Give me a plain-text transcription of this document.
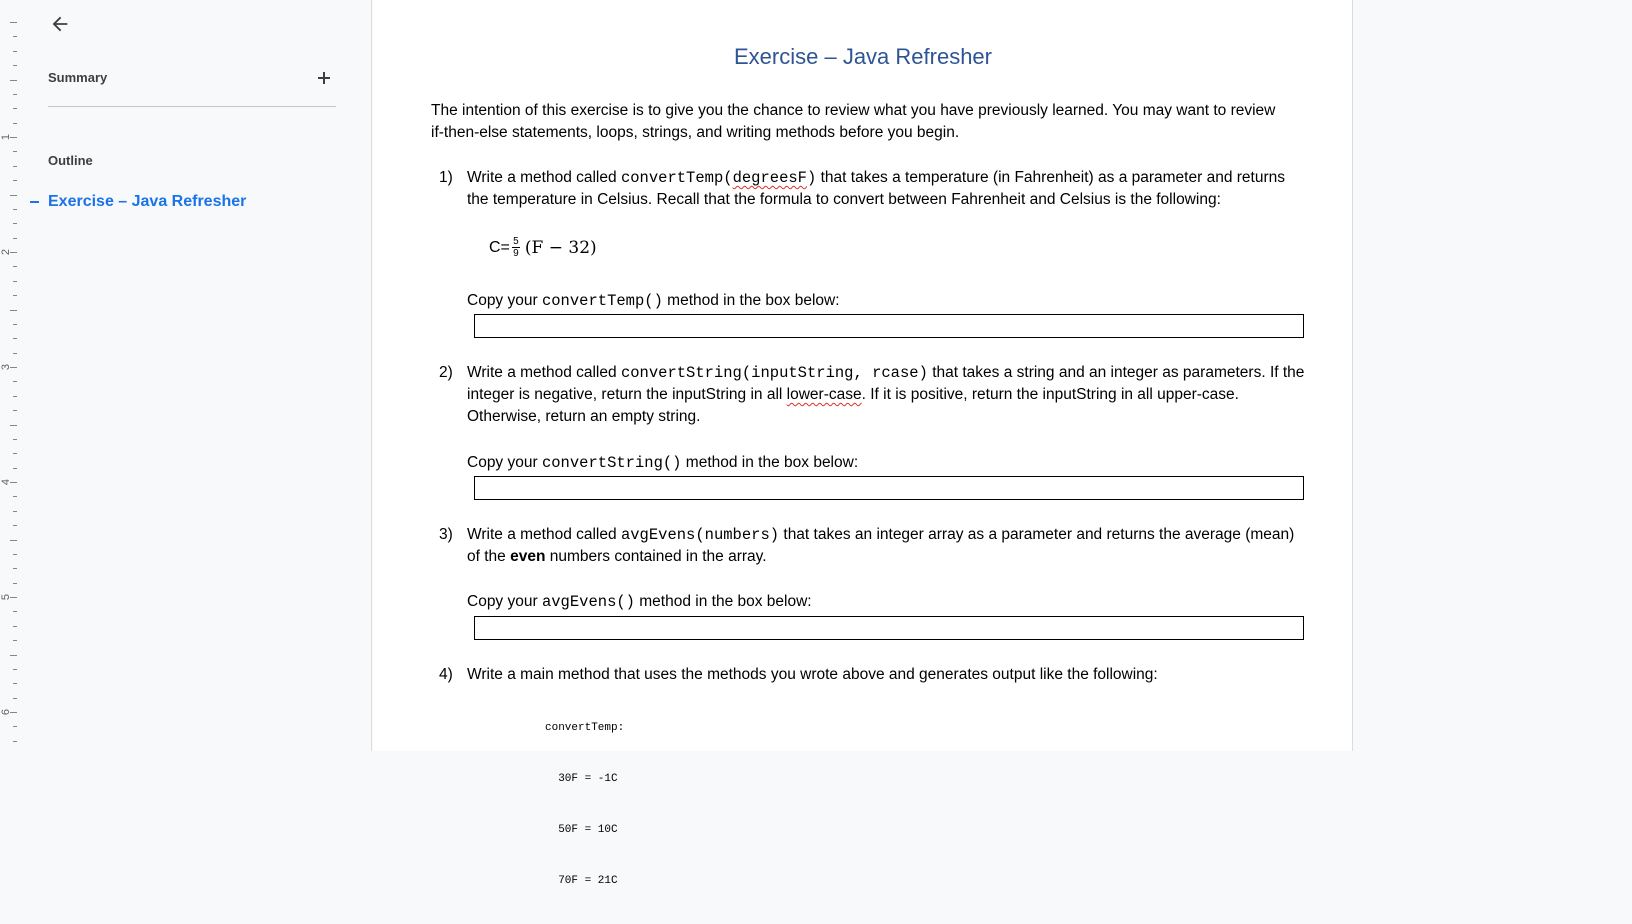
1
2
3
4
5
6
Summary
Outline
Exercise – Java Refresher
Exercise – Java Refresher
The intention of this exercise is to give you the chance to review what you have previously learned. You may want to review if-then-else statements, loops, strings, and writing methods before you begin.
1) Write a method called convertTemp(degreesF) that takes a temperature (in Fahrenheit) as a parameter and returns the temperature in Celsius. Recall that the formula to convert between Fahrenheit and Celsius is the following:
$C= \frac{5}{9} (F - 32)$
Copy your convertTemp() method in the box below:
2) Write a method called convertString(inputString, rcase) that takes a string and an integer as parameters. If the integer is negative, return the inputString in all lower-case. If it is positive, return the inputString in all upper-case. Otherwise, return an empty string.
Copy your convertString() method in the box below:
3) Write a method called avgEvens(numbers) that takes an integer array as a parameter and returns the average (mean) of the even numbers contained in the array.
Copy your avgEvens() method in the box below:
4) Write a main method that uses the methods you wrote above and generates output like the following:

convertTemp:

30F = -1C

50F = 10C

70F = 21C
